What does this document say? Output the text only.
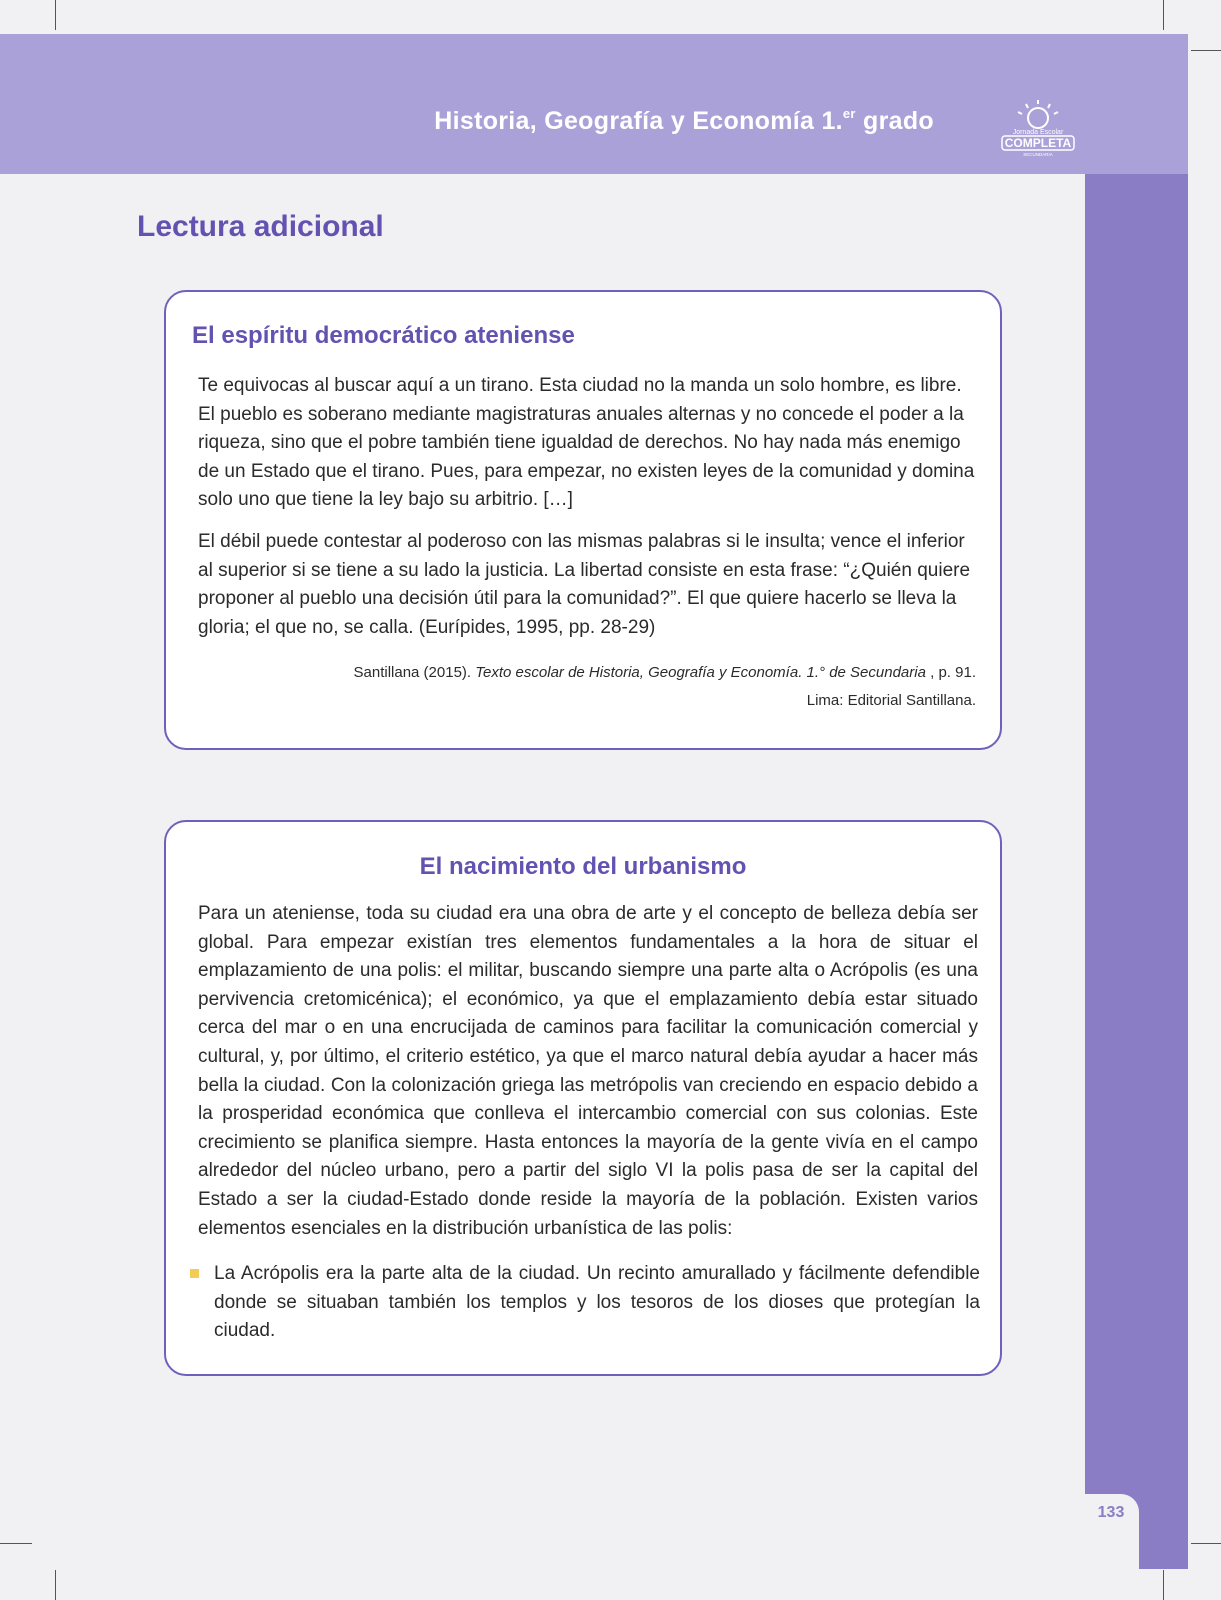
Historia, Geografía y Economía 1.$^{er}$ grado	Jornada Escolar
COMPLETA
SECUNDARIA
133
Lectura adicional
El espíritu democrático ateniense

Te equivocas al buscar aquí a un tirano. Esta ciudad no la manda un solo hombre, es libre. El pueblo es soberano mediante magistraturas anuales alternas y no concede el poder a la riqueza, sino que el pobre también tiene igualdad de derechos. No hay nada más enemigo de un Estado que el tirano. Pues, para empezar, no existen leyes de la comunidad y domina solo uno que tiene la ley bajo su arbitrio. […]

El débil puede contestar al poderoso con las mismas palabras si le insulta; vence el inferior al superior si se tiene a su lado la justicia. La libertad consiste en esta frase: “¿Quién quiere proponer al pueblo una decisión útil para la comunidad?”. El que quiere hacerlo se lleva la gloria; el que no, se calla. (Eurípides, 1995, pp. 28-29)

Santillana (2015). Texto escolar de Historia, Geografía y Economía. 1.° de Secundaria , p. 91.
Lima: Editorial Santillana.

El nacimiento del urbanismo

Para un ateniense, toda su ciudad era una obra de arte y el concepto de belleza debía ser global. Para empezar existían tres elementos fundamentales a la hora de situar el emplazamiento de una polis: el militar, buscando siempre una parte alta o Acrópolis (es una pervivencia cretomicénica); el económico, ya que el emplazamiento debía estar situado cerca del mar o en una encrucijada de caminos para facilitar la comunicación comercial y cultural, y, por último, el criterio estético, ya que el marco natural debía ayudar a hacer más bella la ciudad. Con la colonización griega las metrópolis van creciendo en espacio debido a la prosperidad económica que conlleva el intercambio comercial con sus colonias. Este crecimiento se planifica siempre. Hasta entonces la mayoría de la gente vivía en el campo alrededor del núcleo urbano, pero a partir del siglo VI la polis pasa de ser la capital del Estado a ser la ciudad-Estado donde reside la mayoría de la población. Existen varios elementos esenciales en la distribución urbanística de las polis:

La Acrópolis era la parte alta de la ciudad. Un recinto amurallado y fácilmente defendible donde se situaban también los templos y los tesoros de los dioses que protegían la ciudad.
